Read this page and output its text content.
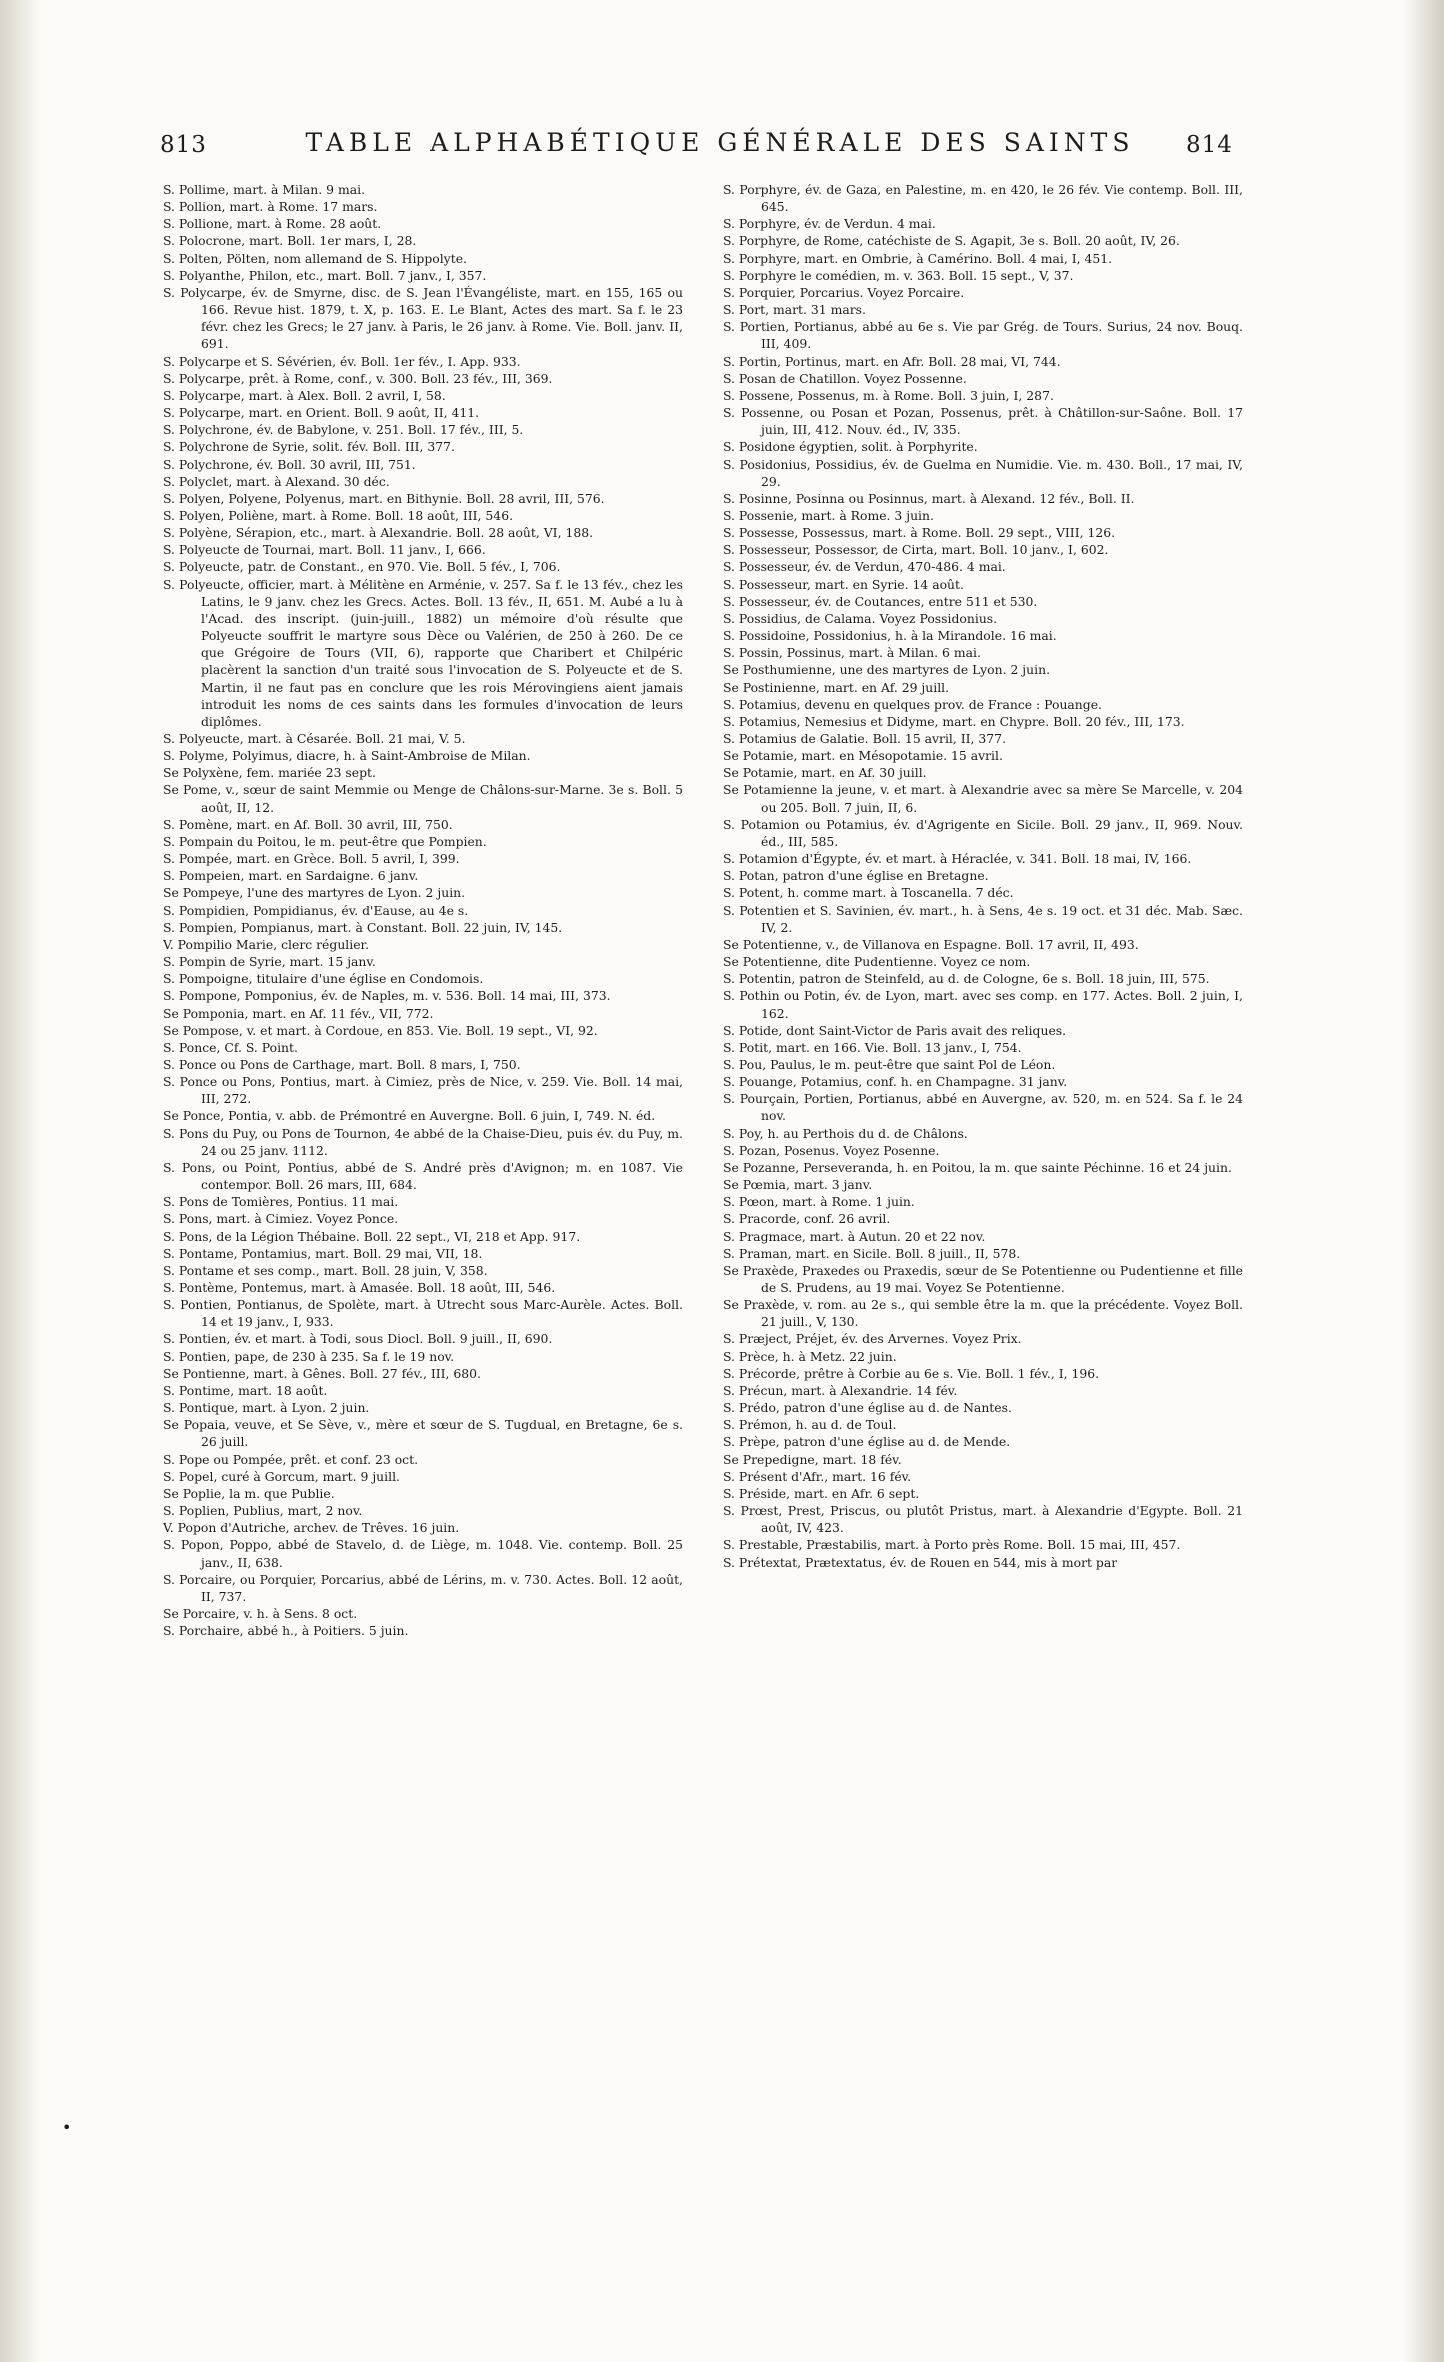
813	TABLE ALPHABÉTIQUE GÉNÉRALE DES SAINTS	814
S. Pollime, mart. à Milan. 9 mai.
S. Pollion, mart. à Rome. 17 mars.
S. Pollione, mart. à Rome. 28 août.
S. Polocrone, mart. Boll. 1er mars, I, 28.
S. Polten, Pölten, nom allemand de S. Hippolyte.
S. Polyanthe, Philon, etc., mart. Boll. 7 janv., I, 357.
S. Polycarpe, év. de Smyrne, disc. de S. Jean l'Évangéliste, mart. en 155, 165 ou 166. Revue hist. 1879, t. X, p. 163. E. Le Blant, Actes des mart. Sa f. le 23 févr. chez les Grecs; le 27 janv. à Paris, le 26 janv. à Rome. Vie. Boll. janv. II, 691.
S. Polycarpe et S. Sévérien, év. Boll. 1er fév., I. App. 933.
S. Polycarpe, prêt. à Rome, conf., v. 300. Boll. 23 fév., III, 369.
S. Polycarpe, mart. à Alex. Boll. 2 avril, I, 58.
S. Polycarpe, mart. en Orient. Boll. 9 août, II, 411.
S. Polychrone, év. de Babylone, v. 251. Boll. 17 fév., III, 5.
S. Polychrone de Syrie, solit. fév. Boll. III, 377.
S. Polychrone, év. Boll. 30 avril, III, 751.
S. Polyclet, mart. à Alexand. 30 déc.
S. Polyen, Polyene, Polyenus, mart. en Bithynie. Boll. 28 avril, III, 576.
S. Polyen, Poliène, mart. à Rome. Boll. 18 août, III, 546.
S. Polyène, Sérapion, etc., mart. à Alexandrie. Boll. 28 août, VI, 188.
S. Polyeucte de Tournai, mart. Boll. 11 janv., I, 666.
S. Polyeucte, patr. de Constant., en 970. Vie. Boll. 5 fév., I, 706.
S. Polyeucte, officier, mart. à Mélitène en Arménie, v. 257. Sa f. le 13 fév., chez les Latins, le 9 janv. chez les Grecs. Actes. Boll. 13 fév., II, 651. M. Aubé a lu à l'Acad. des inscript. (juin-juill., 1882) un mémoire d'où résulte que Polyeucte souffrit le martyre sous Dèce ou Valérien, de 250 à 260. De ce que Grégoire de Tours (VII, 6), rapporte que Charibert et Chilpéric placèrent la sanction d'un traité sous l'invocation de S. Polyeucte et de S. Martin, il ne faut pas en conclure que les rois Mérovingiens aient jamais introduit les noms de ces saints dans les formules d'invocation de leurs diplômes.
S. Polyeucte, mart. à Césarée. Boll. 21 mai, V. 5.
S. Polyme, Polyimus, diacre, h. à Saint-Ambroise de Milan.
Se Polyxène, fem. mariée 23 sept.
Se Pome, v., sœur de saint Memmie ou Menge de Châlons-sur-Marne. 3e s. Boll. 5 août, II, 12.
S. Pomène, mart. en Af. Boll. 30 avril, III, 750.
S. Pompain du Poitou, le m. peut-être que Pompien.
S. Pompée, mart. en Grèce. Boll. 5 avril, I, 399.
S. Pompeien, mart. en Sardaigne. 6 janv.
Se Pompeye, l'une des martyres de Lyon. 2 juin.
S. Pompidien, Pompidianus, év. d'Eause, au 4e s.
S. Pompien, Pompianus, mart. à Constant. Boll. 22 juin, IV, 145.
V. Pompilio Marie, clerc régulier.
S. Pompin de Syrie, mart. 15 janv.
S. Pompoigne, titulaire d'une église en Condomois.
S. Pompone, Pomponius, év. de Naples, m. v. 536. Boll. 14 mai, III, 373.
Se Pomponia, mart. en Af. 11 fév., VII, 772.
Se Pompose, v. et mart. à Cordoue, en 853. Vie. Boll. 19 sept., VI, 92.
S. Ponce, Cf. S. Point.
S. Ponce ou Pons de Carthage, mart. Boll. 8 mars, I, 750.
S. Ponce ou Pons, Pontius, mart. à Cimiez, près de Nice, v. 259. Vie. Boll. 14 mai, III, 272.
Se Ponce, Pontia, v. abb. de Prémontré en Auvergne. Boll. 6 juin, I, 749. N. éd.
S. Pons du Puy, ou Pons de Tournon, 4e abbé de la Chaise-Dieu, puis év. du Puy, m. 24 ou 25 janv. 1112.
S. Pons, ou Point, Pontius, abbé de S. André près d'Avignon; m. en 1087. Vie contempor. Boll. 26 mars, III, 684.
S. Pons de Tomières, Pontius. 11 mai.
S. Pons, mart. à Cimiez. Voyez Ponce.
S. Pons, de la Légion Thébaine. Boll. 22 sept., VI, 218 et App. 917.
S. Pontame, Pontamius, mart. Boll. 29 mai, VII, 18.
S. Pontame et ses comp., mart. Boll. 28 juin, V, 358.
S. Pontème, Pontemus, mart. à Amasée. Boll. 18 août, III, 546.
S. Pontien, Pontianus, de Spolète, mart. à Utrecht sous Marc-Aurèle. Actes. Boll. 14 et 19 janv., I, 933.
S. Pontien, év. et mart. à Todi, sous Diocl. Boll. 9 juill., II, 690.
S. Pontien, pape, de 230 à 235. Sa f. le 19 nov.
Se Pontienne, mart. à Gênes. Boll. 27 fév., III, 680.
S. Pontime, mart. 18 août.
S. Pontique, mart. à Lyon. 2 juin.
Se Popaia, veuve, et Se Sève, v., mère et sœur de S. Tugdual, en Bretagne, 6e s. 26 juill.
S. Pope ou Pompée, prêt. et conf. 23 oct.
S. Popel, curé à Gorcum, mart. 9 juill.
Se Poplie, la m. que Publie.
S. Poplien, Publius, mart, 2 nov.
V. Popon d'Autriche, archev. de Trêves. 16 juin.
S. Popon, Poppo, abbé de Stavelo, d. de Liège, m. 1048. Vie. contemp. Boll. 25 janv., II, 638.
S. Porcaire, ou Porquier, Porcarius, abbé de Lérins, m. v. 730. Actes. Boll. 12 août, II, 737.
Se Porcaire, v. h. à Sens. 8 oct.
S. Porchaire, abbé h., à Poitiers. 5 juin.
S. Porphyre, év. de Gaza, en Palestine, m. en 420, le 26 fév. Vie contemp. Boll. III, 645.
S. Porphyre, év. de Verdun. 4 mai.
S. Porphyre, de Rome, catéchiste de S. Agapit, 3e s. Boll. 20 août, IV, 26.
S. Porphyre, mart. en Ombrie, à Camérino. Boll. 4 mai, I, 451.
S. Porphyre le comédien, m. v. 363. Boll. 15 sept., V, 37.
S. Porquier, Porcarius. Voyez Porcaire.
S. Port, mart. 31 mars.
S. Portien, Portianus, abbé au 6e s. Vie par Grég. de Tours. Surius, 24 nov. Bouq. III, 409.
S. Portin, Portinus, mart. en Afr. Boll. 28 mai, VI, 744.
S. Posan de Chatillon. Voyez Possenne.
S. Possene, Possenus, m. à Rome. Boll. 3 juin, I, 287.
S. Possenne, ou Posan et Pozan, Possenus, prêt. à Châtillon-sur-Saône. Boll. 17 juin, III, 412. Nouv. éd., IV, 335.
S. Posidone égyptien, solit. à Porphyrite.
S. Posidonius, Possidius, év. de Guelma en Numidie. Vie. m. 430. Boll., 17 mai, IV, 29.
S. Posinne, Posinna ou Posinnus, mart. à Alexand. 12 fév., Boll. II.
S. Possenie, mart. à Rome. 3 juin.
S. Possesse, Possessus, mart. à Rome. Boll. 29 sept., VIII, 126.
S. Possesseur, Possessor, de Cirta, mart. Boll. 10 janv., I, 602.
S. Possesseur, év. de Verdun, 470-486. 4 mai.
S. Possesseur, mart. en Syrie. 14 août.
S. Possesseur, év. de Coutances, entre 511 et 530.
S. Possidius, de Calama. Voyez Possidonius.
S. Possidoine, Possidonius, h. à la Mirandole. 16 mai.
S. Possin, Possinus, mart. à Milan. 6 mai.
Se Posthumienne, une des martyres de Lyon. 2 juin.
Se Postinienne, mart. en Af. 29 juill.
S. Potamius, devenu en quelques prov. de France : Pouange.
S. Potamius, Nemesius et Didyme, mart. en Chypre. Boll. 20 fév., III, 173.
S. Potamius de Galatie. Boll. 15 avril, II, 377.
Se Potamie, mart. en Mésopotamie. 15 avril.
Se Potamie, mart. en Af. 30 juill.
Se Potamienne la jeune, v. et mart. à Alexandrie avec sa mère Se Marcelle, v. 204 ou 205. Boll. 7 juin, II, 6.
S. Potamion ou Potamius, év. d'Agrigente en Sicile. Boll. 29 janv., II, 969. Nouv. éd., III, 585.
S. Potamion d'Égypte, év. et mart. à Héraclée, v. 341. Boll. 18 mai, IV, 166.
S. Potan, patron d'une église en Bretagne.
S. Potent, h. comme mart. à Toscanella. 7 déc.
S. Potentien et S. Savinien, év. mart., h. à Sens, 4e s. 19 oct. et 31 déc. Mab. Sæc. IV, 2.
Se Potentienne, v., de Villanova en Espagne. Boll. 17 avril, II, 493.
Se Potentienne, dite Pudentienne. Voyez ce nom.
S. Potentin, patron de Steinfeld, au d. de Cologne, 6e s. Boll. 18 juin, III, 575.
S. Pothin ou Potin, év. de Lyon, mart. avec ses comp. en 177. Actes. Boll. 2 juin, I, 162.
S. Potide, dont Saint-Victor de Paris avait des reliques.
S. Potit, mart. en 166. Vie. Boll. 13 janv., I, 754.
S. Pou, Paulus, le m. peut-être que saint Pol de Léon.
S. Pouange, Potamius, conf. h. en Champagne. 31 janv.
S. Pourçain, Portien, Portianus, abbé en Auvergne, av. 520, m. en 524. Sa f. le 24 nov.
S. Poy, h. au Perthois du d. de Châlons.
S. Pozan, Posenus. Voyez Posenne.
Se Pozanne, Perseveranda, h. en Poitou, la m. que sainte Péchinne. 16 et 24 juin.
Se Pœmia, mart. 3 janv.
S. Pœon, mart. à Rome. 1 juin.
S. Pracorde, conf. 26 avril.
S. Pragmace, mart. à Autun. 20 et 22 nov.
S. Praman, mart. en Sicile. Boll. 8 juill., II, 578.
Se Praxède, Praxedes ou Praxedis, sœur de Se Potentienne ou Pudentienne et fille de S. Prudens, au 19 mai. Voyez Se Potentienne.
Se Praxède, v. rom. au 2e s., qui semble être la m. que la précédente. Voyez Boll. 21 juill., V, 130.
S. Præject, Préjet, év. des Arvernes. Voyez Prix.
S. Prèce, h. à Metz. 22 juin.
S. Précorde, prêtre à Corbie au 6e s. Vie. Boll. 1 fév., I, 196.
S. Précun, mart. à Alexandrie. 14 fév.
S. Prédo, patron d'une église au d. de Nantes.
S. Prémon, h. au d. de Toul.
S. Prèpe, patron d'une église au d. de Mende.
Se Prepedigne, mart. 18 fév.
S. Présent d'Afr., mart. 16 fév.
S. Préside, mart. en Afr. 6 sept.
S. Prœst, Prest, Priscus, ou plutôt Pristus, mart. à Alexandrie d'Egypte. Boll. 21 août, IV, 423.
S. Prestable, Præstabilis, mart. à Porto près Rome. Boll. 15 mai, III, 457.
S. Prétextat, Prætextatus, év. de Rouen en 544, mis à mort par
•
